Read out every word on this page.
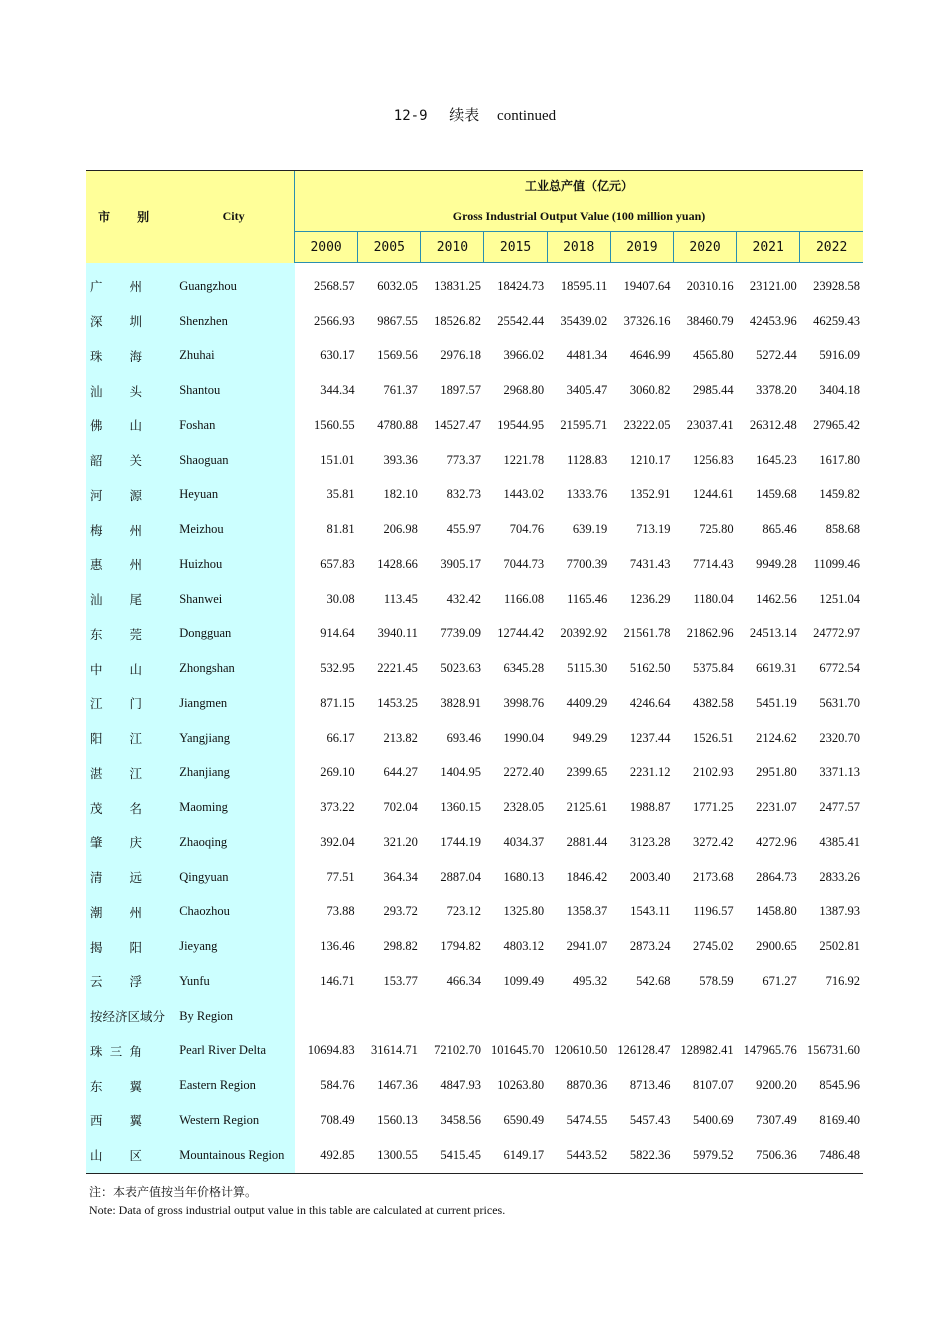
12-9 续表 continued
市 别	City	工业总产值（亿元）
Gross Industrial Output Value (100 million yuan)								

		2000	2005	2010	2015	2018	2019	2020	2021	2022

广州	Guangzhou	2568.57	6032.05	13831.25	18424.73	18595.11	19407.64	20310.16	23121.00	23928.58

深圳	Shenzhen	2566.93	9867.55	18526.82	25542.44	35439.02	37326.16	38460.79	42453.96	46259.43

珠海	Zhuhai	630.17	1569.56	2976.18	3966.02	4481.34	4646.99	4565.80	5272.44	5916.09

汕头	Shantou	344.34	761.37	1897.57	2968.80	3405.47	3060.82	2985.44	3378.20	3404.18

佛山	Foshan	1560.55	4780.88	14527.47	19544.95	21595.71	23222.05	23037.41	26312.48	27965.42

韶关	Shaoguan	151.01	393.36	773.37	1221.78	1128.83	1210.17	1256.83	1645.23	1617.80

河源	Heyuan	35.81	182.10	832.73	1443.02	1333.76	1352.91	1244.61	1459.68	1459.82

梅州	Meizhou	81.81	206.98	455.97	704.76	639.19	713.19	725.80	865.46	858.68

惠州	Huizhou	657.83	1428.66	3905.17	7044.73	7700.39	7431.43	7714.43	9949.28	11099.46

汕尾	Shanwei	30.08	113.45	432.42	1166.08	1165.46	1236.29	1180.04	1462.56	1251.04

东莞	Dongguan	914.64	3940.11	7739.09	12744.42	20392.92	21561.78	21862.96	24513.14	24772.97

中山	Zhongshan	532.95	2221.45	5023.63	6345.28	5115.30	5162.50	5375.84	6619.31	6772.54

江门	Jiangmen	871.15	1453.25	3828.91	3998.76	4409.29	4246.64	4382.58	5451.19	5631.70

阳江	Yangjiang	66.17	213.82	693.46	1990.04	949.29	1237.44	1526.51	2124.62	2320.70

湛江	Zhanjiang	269.10	644.27	1404.95	2272.40	2399.65	2231.12	2102.93	2951.80	3371.13

茂名	Maoming	373.22	702.04	1360.15	2328.05	2125.61	1988.87	1771.25	2231.07	2477.57

肇庆	Zhaoqing	392.04	321.20	1744.19	4034.37	2881.44	3123.28	3272.42	4272.96	4385.41

清远	Qingyuan	77.51	364.34	2887.04	1680.13	1846.42	2003.40	2173.68	2864.73	2833.26

潮州	Chaozhou	73.88	293.72	723.12	1325.80	1358.37	1543.11	1196.57	1458.80	1387.93

揭阳	Jieyang	136.46	298.82	1794.82	4803.12	2941.07	2873.24	2745.02	2900.65	2502.81

云浮	Yunfu	146.71	153.77	466.34	1099.49	495.32	542.68	578.59	671.27	716.92
按经济区域分	By Region									

珠三角	Pearl River Delta	10694.83	31614.71	72102.70	101645.70	120610.50	126128.47	128982.41	147965.76	156731.60

东翼	Eastern Region	584.76	1467.36	4847.93	10263.80	8870.36	8713.46	8107.07	9200.20	8545.96

西翼	Western Region	708.49	1560.13	3458.56	6590.49	5474.55	5457.43	5400.69	7307.49	8169.40

山区	Mountainous Region	492.85	1300.55	5415.45	6149.17	5443.52	5822.36	5979.52	7506.36	7486.48
注：本表产值按当年价格计算。
Note: Data of gross industrial output value in this table are calculated at current prices.
